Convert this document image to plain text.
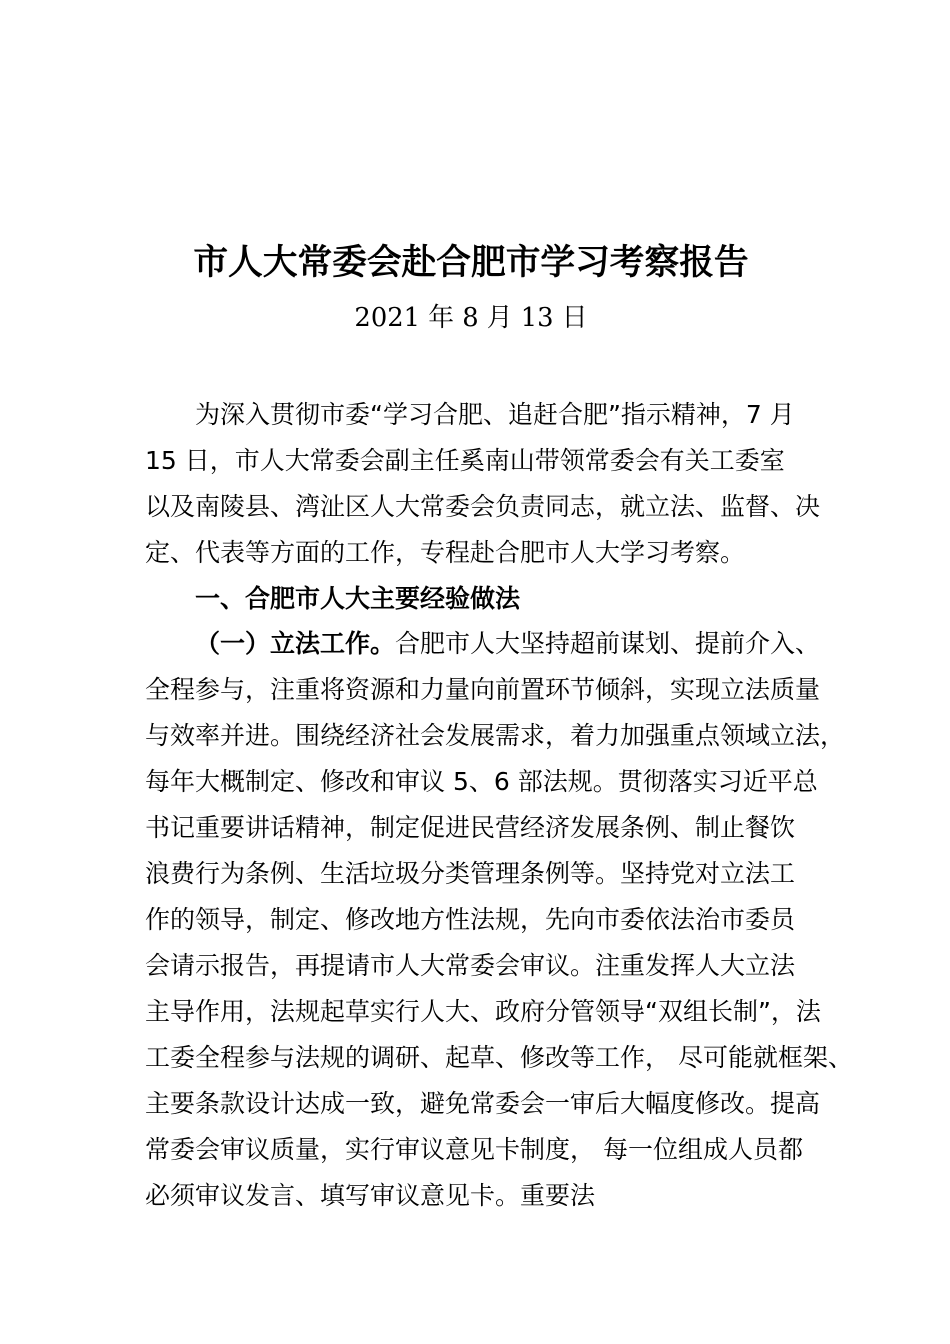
市人大常委会赴合肥市学习考察报告
2021 年 8 月 13 日
为深入贯彻市委“学习合肥、追赶合肥”指示精神，7 月
15 日，市人大常委会副主任奚南山带领常委会有关工委室
以及南陵县、湾沚区人大常委会负责同志，就立法、监督、决
定、代表等方面的工作，专程赴合肥市人大学习考察。
一、合肥市人大主要经验做法
（一）立法工作。合肥市人大坚持超前谋划、提前介入、
全程参与，注重将资源和力量向前置环节倾斜，实现立法质量
与效率并进。围绕经济社会发展需求，着力加强重点领域立法，
每年大概制定、修改和审议 5、6 部法规。贯彻落实习近平总
书记重要讲话精神，制定促进民营经济发展条例、制止餐饮
浪费行为条例、生活垃圾分类管理条例等。坚持党对立法工
作的领导，制定、修改地方性法规，先向市委依法治市委员
会请示报告，再提请市人大常委会审议。注重发挥人大立法
主导作用，法规起草实行人大、政府分管领导“双组长制”，法
工委全程参与法规的调研、起草、修改等工作， 尽可能就框架、
主要条款设计达成一致，避免常委会一审后大幅度修改。提高
常委会审议质量，实行审议意见卡制度， 每一位组成人员都
必须审议发言、填写审议意见卡。重要法
